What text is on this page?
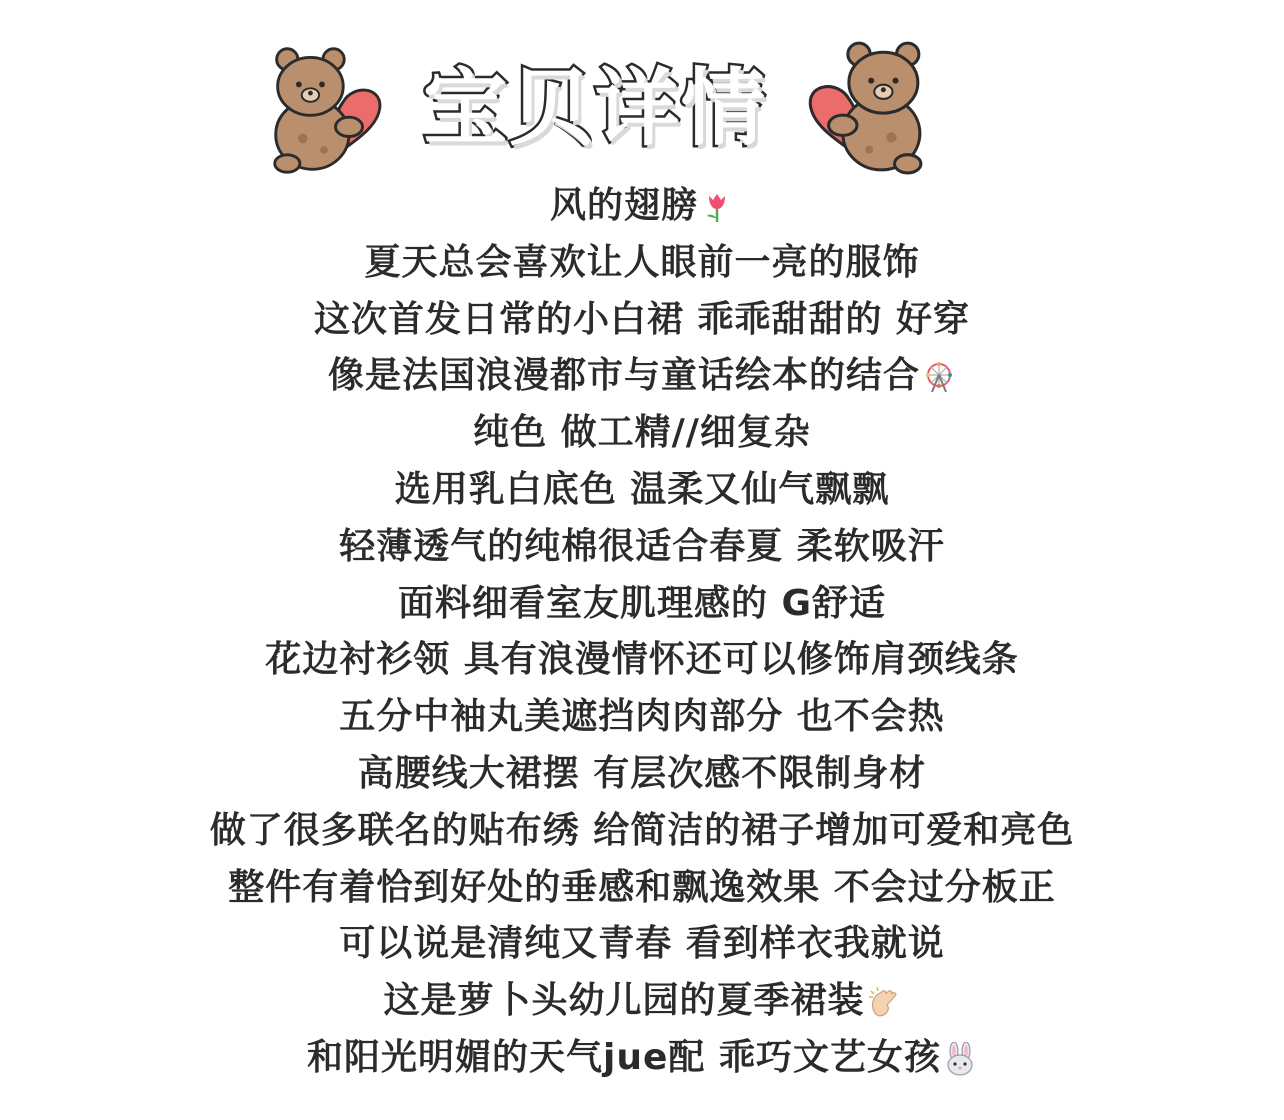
宝贝详情
风的翅膀
夏天总会喜欢让人眼前一亮的服饰
这次首发日常的小白裙 乖乖甜甜的 好穿
像是法国浪漫都市与童话绘本的结合
纯色 做工精//细复杂
选用乳白底色 温柔又仙气飘飘
轻薄透气的纯棉很适合春夏 柔软吸汗
面料细看室友肌理感的 G舒适
花边衬衫领 具有浪漫情怀还可以修饰肩颈线条
五分中袖丸美遮挡肉肉部分 也不会热
高腰线大裙摆 有层次感不限制身材
做了很多联名的贴布绣 给简洁的裙子增加可爱和亮色
整件有着恰到好处的垂感和飘逸效果 不会过分板正
可以说是清纯又青春 看到样衣我就说
这是萝卜头幼儿园的夏季裙装
和阳光明媚的天气jue配 乖巧文艺女孩
